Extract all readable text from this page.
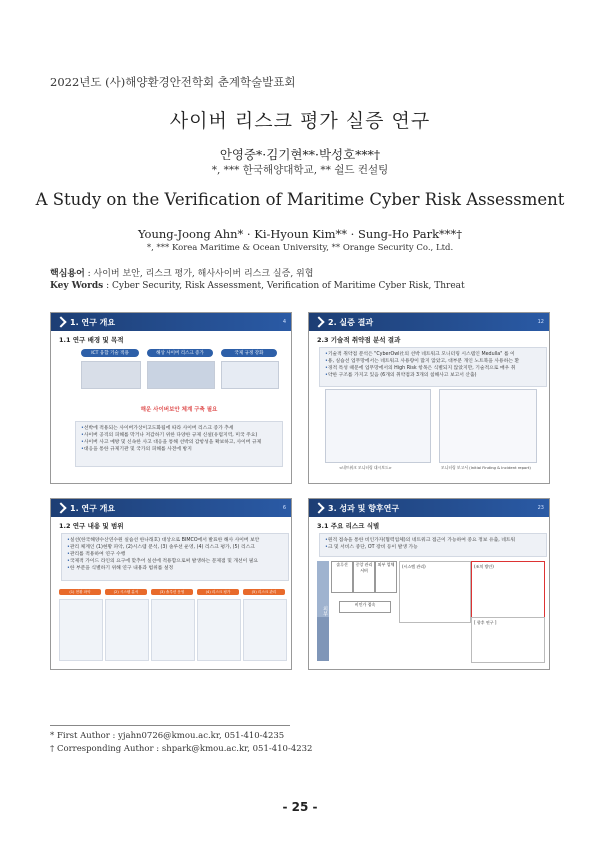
2022년도 (사)해양환경안전학회 춘계학술발표회
사이버 리스크 평가 실증 연구
안영중*·김기현**·박성호***†
*, *** 한국해양대학교, ** 쉴드 컨설팅
A Study on the Verification of Maritime Cyber Risk Assessment
Young-Joong Ahn* · Ki-Hyoun Kim** · Sung-Ho Park***†
*, *** Korea Maritime & Ocean University, ** Orange Security Co., Ltd.
핵심용어 : 사이버 보안, 리스크 평가, 해사사이버 리스크 실증, 위협
Key Words : Cyber Security, Risk Assessment, Verification of Maritime Cyber Risk, Threat
1. 연구 개요	4
1.1 연구 배경 및 목적
ICT 융합 기술 적용	해상 사이버 리스크 증가	국제 규정 강화
해운 사이버보안 체계 구축 필요
• 선박에 적용되는 사이버가상이고도화됨에 따라 사이버 리스크 증가 추세
• 사이버 공격의 피해를 막거나 저감하기 위한 다양한 규제 신설(유럽지역, 미국 주요)
• 사이버 사고 예방 및 신속한 사고 대응을 통해 선박의 감항성을 확보하고, 사이버 규제
• 대응을 통한 규제기관 및 국가의 피해를 사전에 방지
2. 실증 결과	12
2.3 기술적 취약점 분석 결과
• 기술적 취약점 분석은 "CyberOwl社의 선박 네트워크 모니터링 시스템인 Medulla" 를 이
• 용, 실습선 업무망에서는 네트워크 사용량이 많지 않았고, 대부분 개인 노트북을 사용하는 환
• 경적 특성 때문에 업무망에서의 High Risk 항목은 식별되지 않았지만, 기술적으로 매우 취
• 약한 구조를 가지고 있음 (6개의 취약점과 3개의 침해사고 보고서 산출)
<네트워크 모니터링 대시보드>	모니터링 보고서 (Initial Finding & Incident report)
1. 연구 개요	6
1.2 연구 내용 및 범위
• 실선(한국해양수산연수원 실습선 한나래호) 대상으로 BIMCO에서 발표한 해사 사이버 보안
• 관리 체계인 (1)현황 파악, (2)시스템 분석, (3) 솔루션 운영, (4) 리스크 평가, (5) 리스크
• 관리를 적용하여 연구 수행
• 국제적 가이드 라인의 요구에 맞추어 실선에 적용함으로써 발생하는 문제점 및 개선이 필요
• 한 부분을 식별하기 위해 연구 내용과 범위를 설정
(1) 현황 파악	(2) 시스템 분석	(3) 솔루션 운영	(4) 리스크 평가	(5) 리스크 관리
3. 성과 및 향후연구	23
3.1 주요 리스크 식별
• 원격 접속을 통한 비인가자(협력업체)의 네트워크 접근이 가능하여 중요 정보 유출, 네트워
• 크 및 서비스 중단, OT 장비 등이 발생 가능
외부
솔루션	중앙 관리 서버
외부 업체
비인가 접속
(시스템 관리)	(조치 방안)
[ 향후 연구 ]
* First Author : yjahn0726@kmou.ac.kr, 051-410-4235
† Corresponding Author : shpark@kmou.ac.kr, 051-410-4232
- 25 -
